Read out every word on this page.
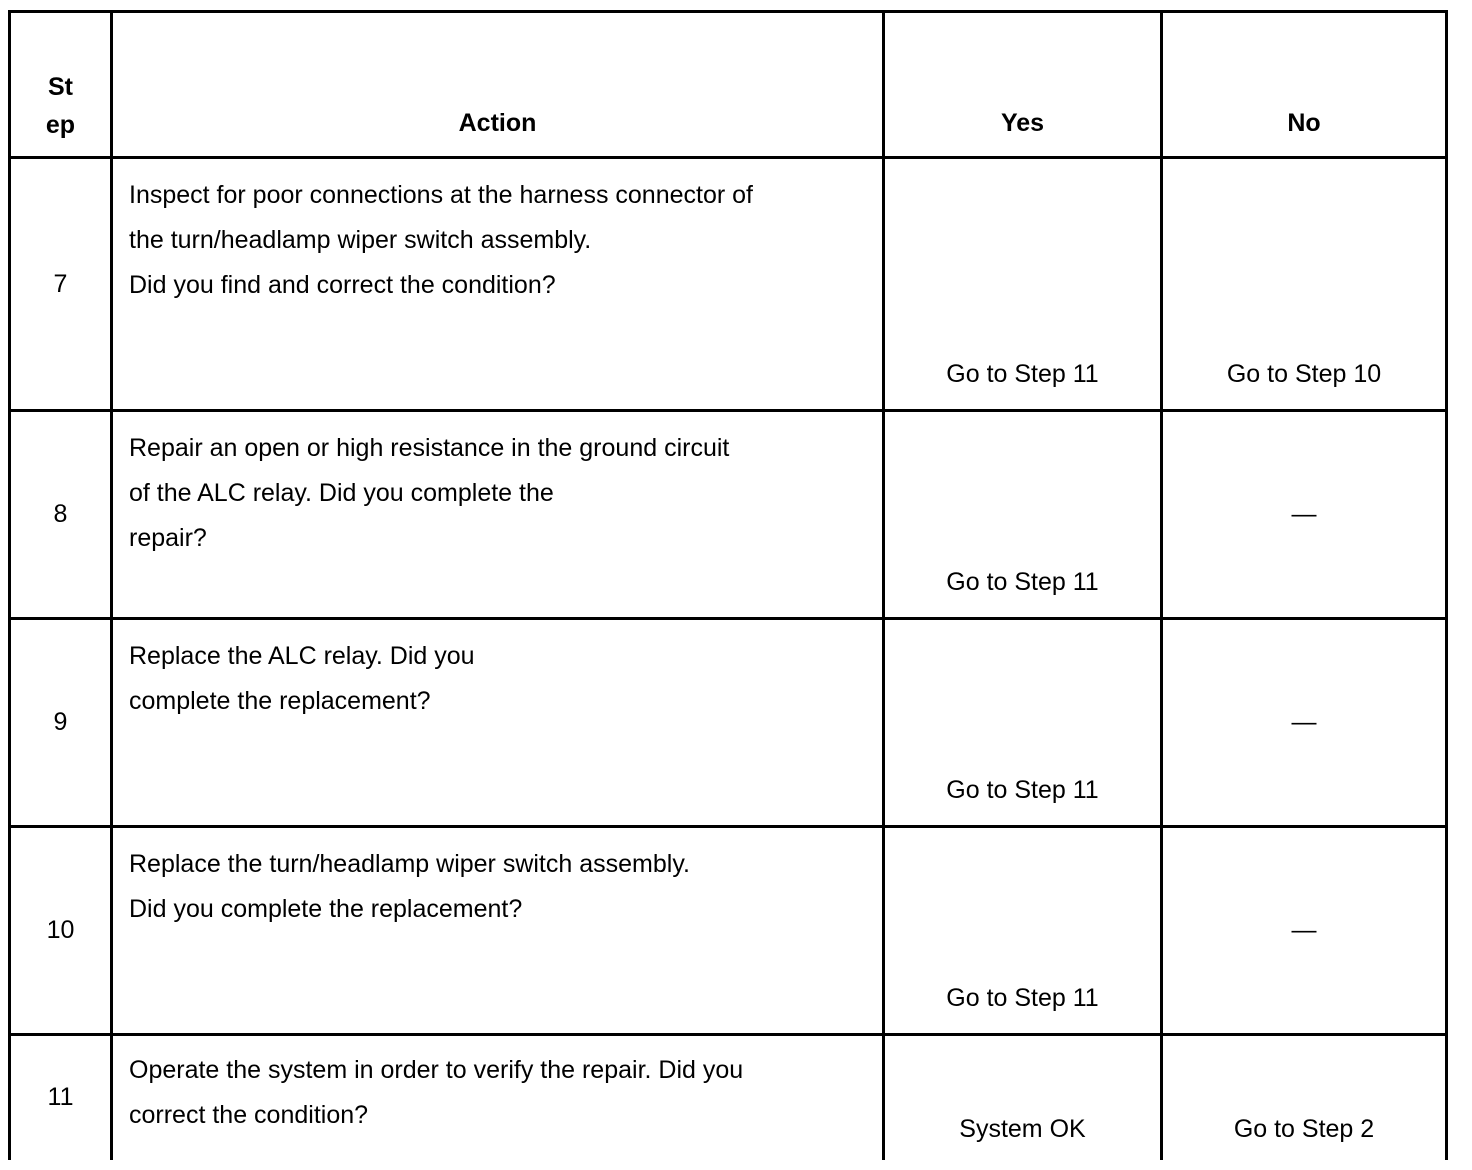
St
ep	Action	Yes	No
7	Inspect for poor connections at the harness connector of
the turn/headlamp wiper switch assembly.
Did you find and correct the condition?	Go to Step 11	Go to Step 10
8	Repair an open or high resistance in the ground circuit
of the ALC relay. Did you complete the
repair?	Go to Step 11	—
9	Replace the ALC relay. Did you
complete the replacement?	Go to Step 11	—
10	Replace the turn/headlamp wiper switch assembly.
Did you complete the replacement?	Go to Step 11	—
11	Operate the system in order to verify the repair. Did you
correct the condition?	System OK	Go to Step 2
